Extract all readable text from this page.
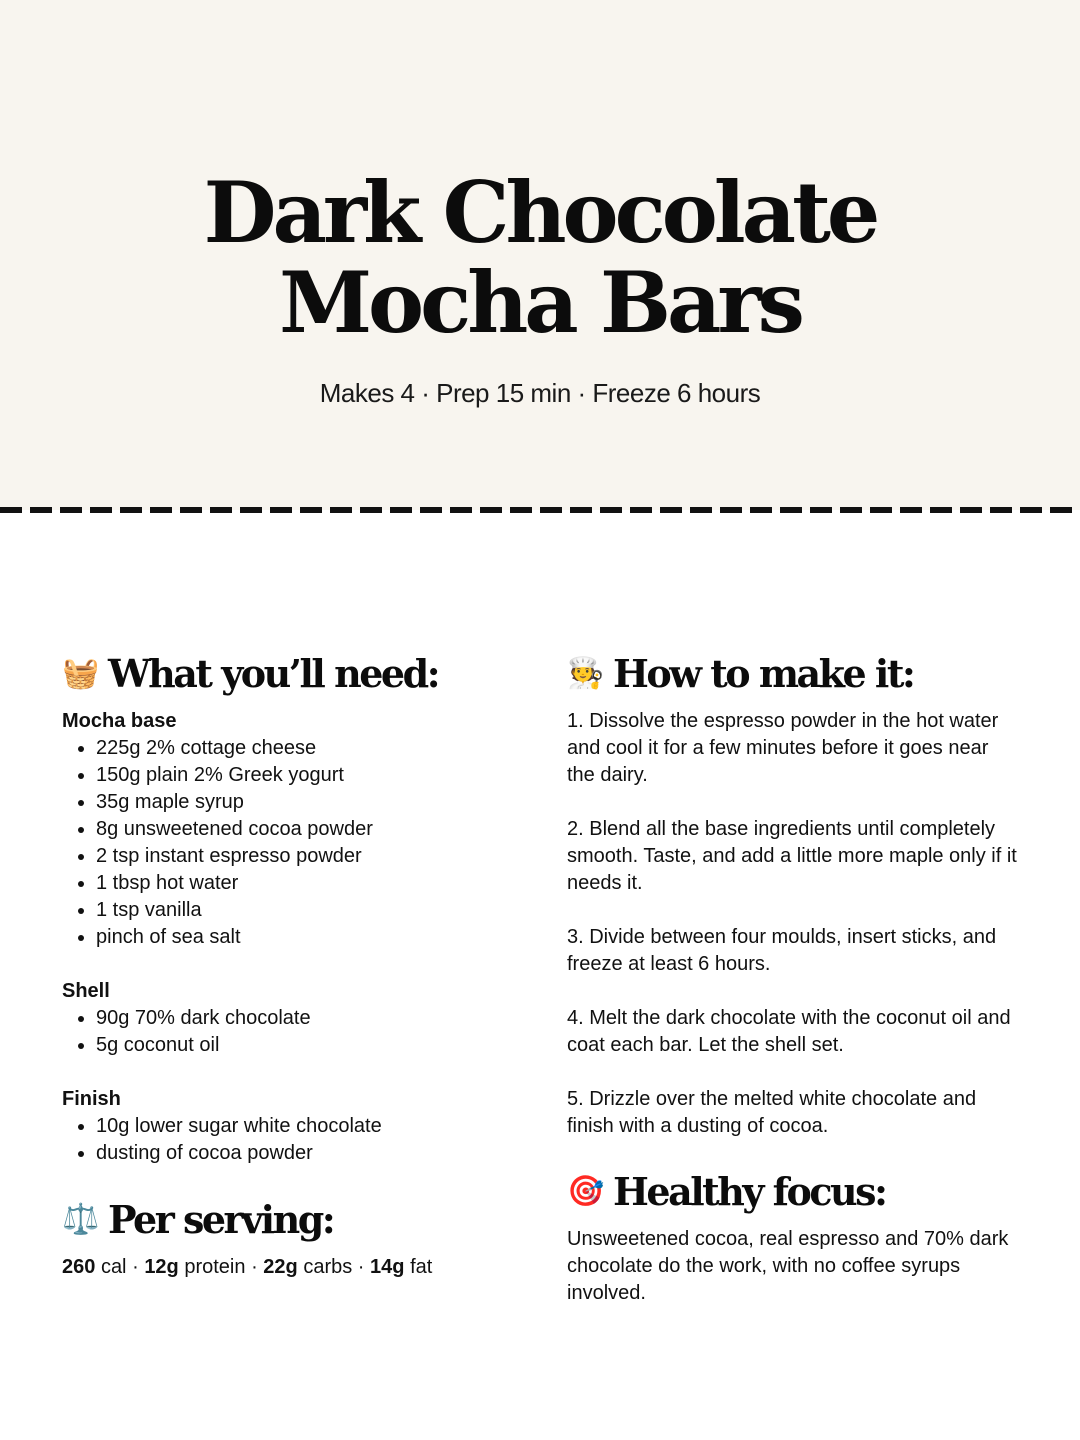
Dark Chocolate
Mocha Bars
Makes 4 · Prep 15 min · Freeze 6 hours
🧺 What you’ll need:

Mocha base

• 225g 2% cottage cheese
• 150g plain 2% Greek yogurt
• 35g maple syrup
• 8g unsweetened cocoa powder
• 2 tsp instant espresso powder
• 1 tbsp hot water
• 1 tsp vanilla
• pinch of sea salt

Shell

• 90g 70% dark chocolate
• 5g coconut oil

Finish

• 10g lower sugar white chocolate
• dusting of cocoa powder
⚖️ Per serving:

260 cal · 12g protein · 22g carbs · 14g fat

🧑‍🍳 How to make it:

1. Dissolve the espresso powder in the hot water and cool it for a few minutes before it goes near the dairy.

2. Blend all the base ingredients until completely smooth. Taste, and add a little more maple only if it needs it.

3. Divide between four moulds, insert sticks, and freeze at least 6 hours.

4. Melt the dark chocolate with the coconut oil and coat each bar. Let the shell set.

5. Drizzle over the melted white chocolate and finish with a dusting of cocoa.

🎯 Healthy focus:

Unsweetened cocoa, real espresso and 70% dark chocolate do the work, with no coffee syrups involved.
